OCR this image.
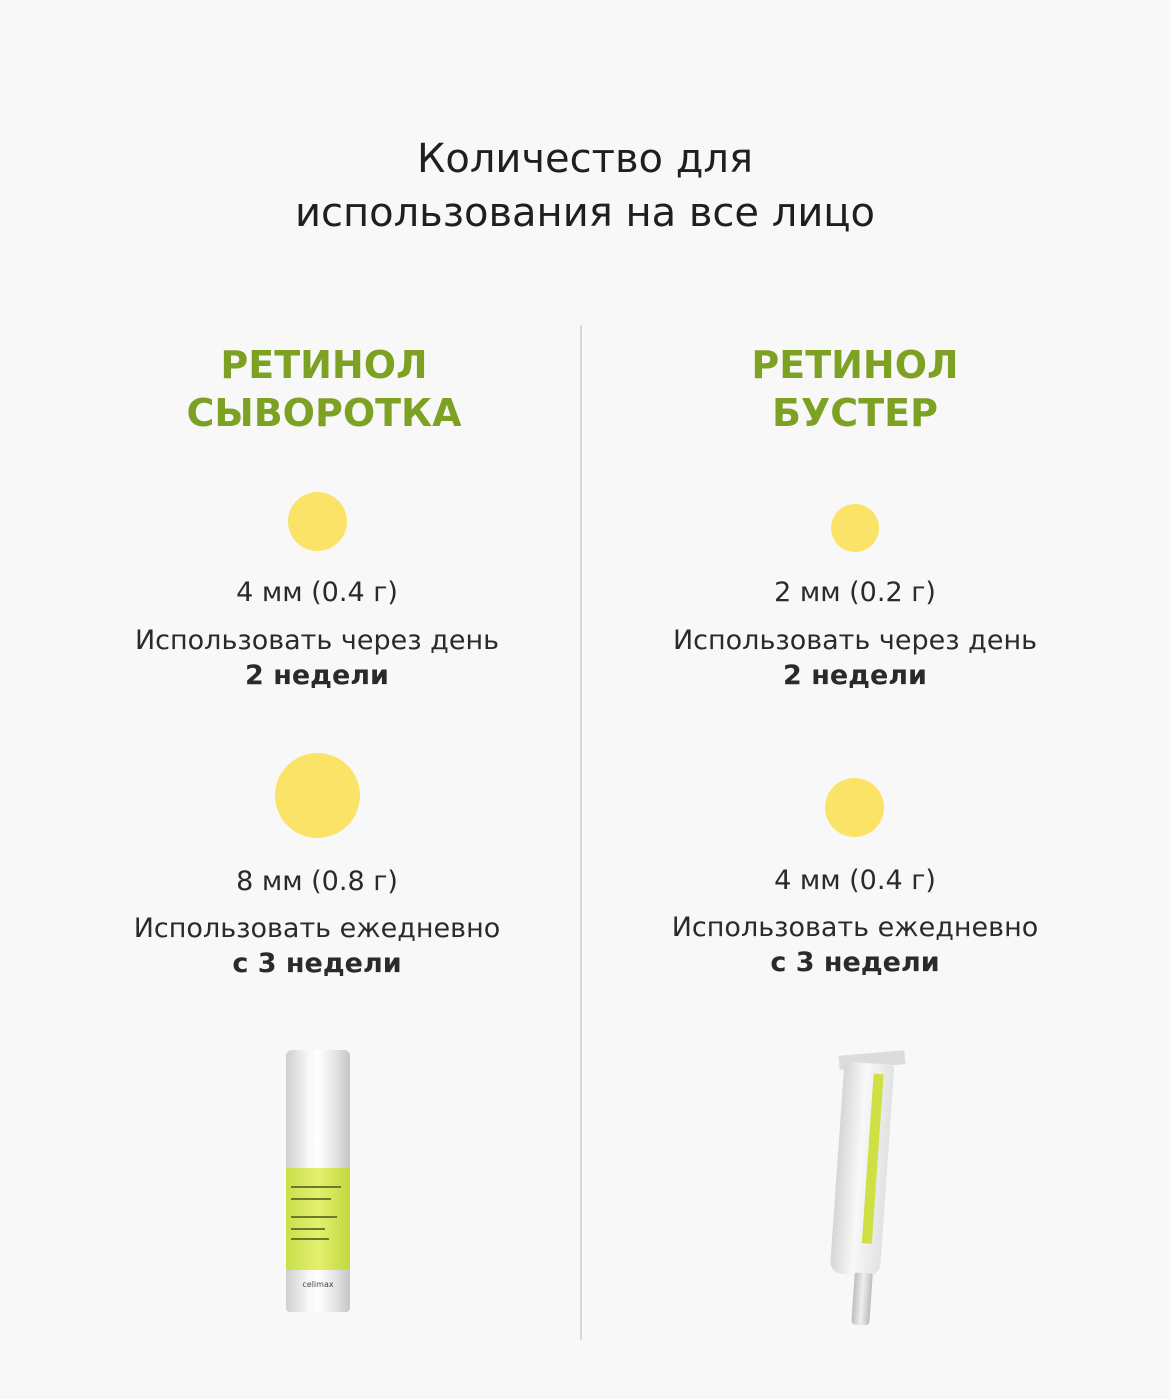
Количество для
использования на все лицо
РЕТИНОЛ
СЫВОРОТКА
4 мм (0.4 г)
Использовать через день
2 недели
8 мм (0.8 г)
Использовать ежедневно
с 3 недели
celimax
РЕТИНОЛ
БУСТЕР
2 мм (0.2 г)
Использовать через день
2 недели
4 мм (0.4 г)
Использовать ежедневно
с 3 недели
